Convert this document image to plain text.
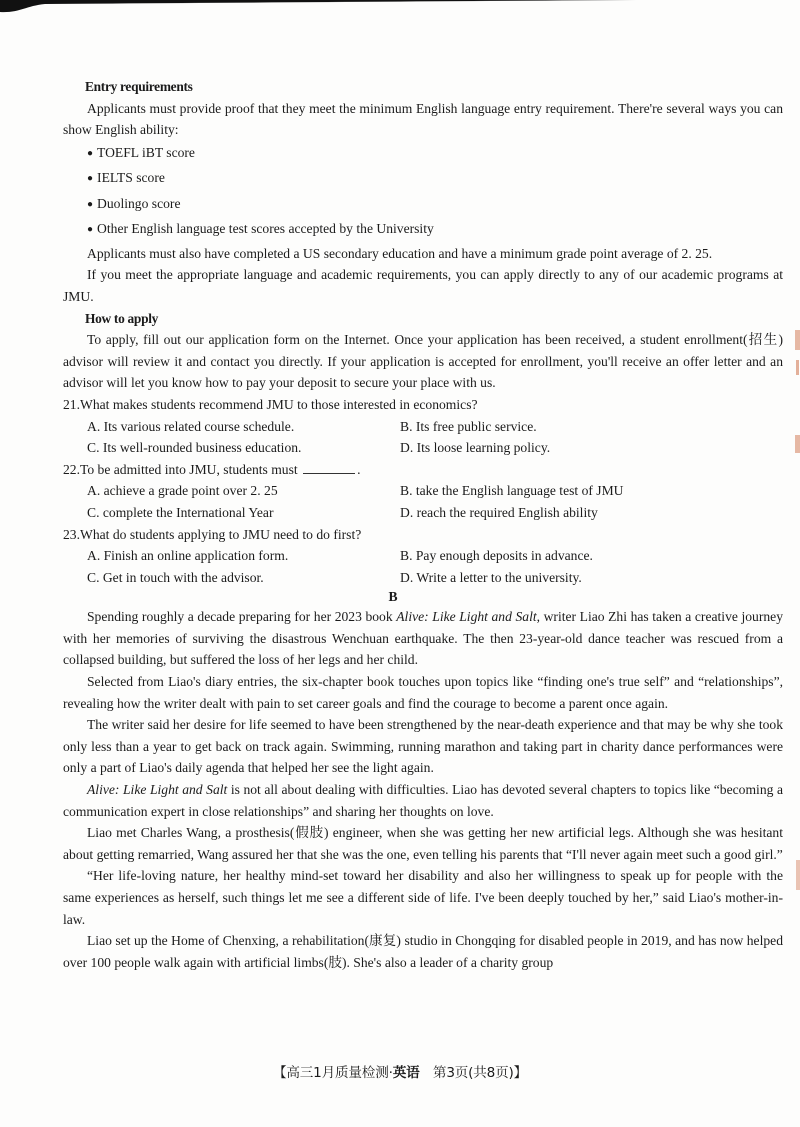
Entry requirements

Applicants must provide proof that they meet the minimum English language entry requirement. There're several ways you can show English ability:

● TOEFL iBT score
● IELTS score
● Duolingo score
● Other English language test scores accepted by the University

Applicants must also have completed a US secondary education and have a minimum grade point average of 2. 25.

If you meet the appropriate language and academic requirements, you can apply directly to any of our academic programs at JMU.

How to apply

To apply, fill out our application form on the Internet. Once your application has been received, a student enrollment(招生) advisor will review it and contact you directly. If your application is accepted for enrollment, you'll receive an offer letter and an advisor will let you know how to pay your deposit to secure your place with us.

21.What makes students recommend JMU to those interested in economics?

A. Its various related course schedule.	B. Its free public service.
C. Its well-rounded business education.	D. Its loose learning policy.

22.To be admitted into JMU, students must	.

A. achieve a grade point over 2. 25	B. take the English language test of JMU
C. complete the International Year	D. reach the required English ability

23.What do students applying to JMU need to do first?

A. Finish an online application form.	B. Pay enough deposits in advance.
C. Get in touch with the advisor.	D. Write a letter to the university.

B

Spending roughly a decade preparing for her 2023 book Alive: Like Light and Salt, writer Liao Zhi has taken a creative journey with her memories of surviving the disastrous Wenchuan earthquake. The then 23-year-old dance teacher was rescued from a collapsed building, but suffered the loss of her legs and her child.

Selected from Liao's diary entries, the six-chapter book touches upon topics like “finding one's true self” and “relationships”, revealing how the writer dealt with pain to set career goals and find the courage to become a parent once again.

The writer said her desire for life seemed to have been strengthened by the near-death experience and that may be why she took only less than a year to get back on track again. Swimming, running marathon and taking part in charity dance performances were only a part of Liao's daily agenda that helped her see the light again.

Alive: Like Light and Salt is not all about dealing with difficulties. Liao has devoted several chapters to topics like “becoming a communication expert in close relationships” and sharing her thoughts on love.

Liao met Charles Wang, a prosthesis(假肢) engineer, when she was getting her new artificial legs. Although she was hesitant about getting remarried, Wang assured her that she was the one, even telling his parents that “I'll never again meet such a good girl.”

“Her life-loving nature, her healthy mind-set toward her disability and also her willingness to speak up for people with the same experiences as herself, such things let me see a different side of life. I've been deeply touched by her,” said Liao's mother-in-law.

Liao set up the Home of Chenxing, a rehabilitation(康复) studio in Chongqing for disabled people in 2019, and has now helped over 100 people walk again with artificial limbs(肢). She's also a leader of a charity group

【高三1月质量检测·英语　第3页(共8页)】
